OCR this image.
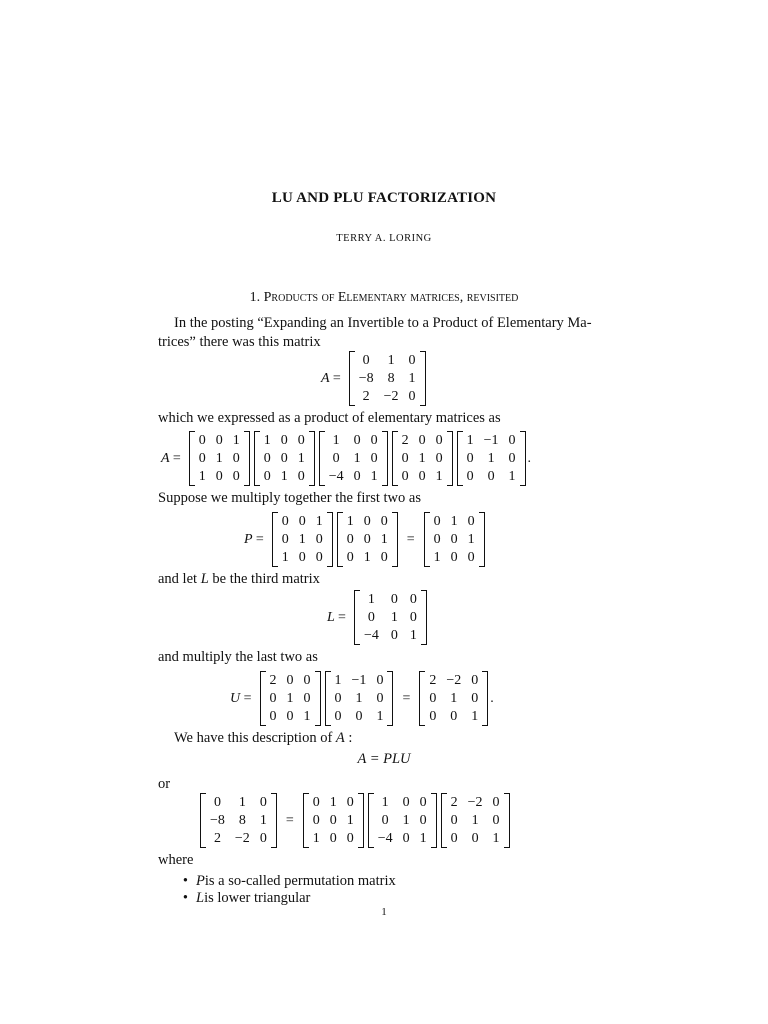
LU AND PLU FACTORIZATION
TERRY A. LORING
1. Products of Elementary matrices, revisited
In the posting “Expanding an Invertible to a Product of Elementary Ma-
trices” there was this matrix
A =
0 1 0
−8 8 1
2 −2 0
which we expressed as a product of elementary matrices as
A =
0 0 1
0 1 0
1 0 0
1 0 0
0 0 1
0 1 0
1 0 0
0 1 0
−4 0 1
2 0 0
0 1 0
0 0 1
1 −1 0
0 1 0
0 0 1
.
Suppose we multiply together the first two as
P =
0 0 1
0 1 0
1 0 0
1 0 0
0 0 1
0 1 0
=
0 1 0
0 0 1
1 0 0
and let L be the third matrix
L =
1 0 0
0 1 0
−4 0 1
and multiply the last two as
U =
2 0 0
0 1 0
0 0 1
1 −1 0
0 1 0
0 0 1
=
2 −2 0
0 1 0
0 0 1
.
We have this description of A :
A = PLU
or
0 1 0
−8 8 1
2 −2 0
=
0 1 0
0 0 1
1 0 0
1 0 0
0 1 0
−4 0 1
2 −2 0
0 1 0
0 0 1
where
• P is a so-called permutation matrix
• L is lower triangular
1
